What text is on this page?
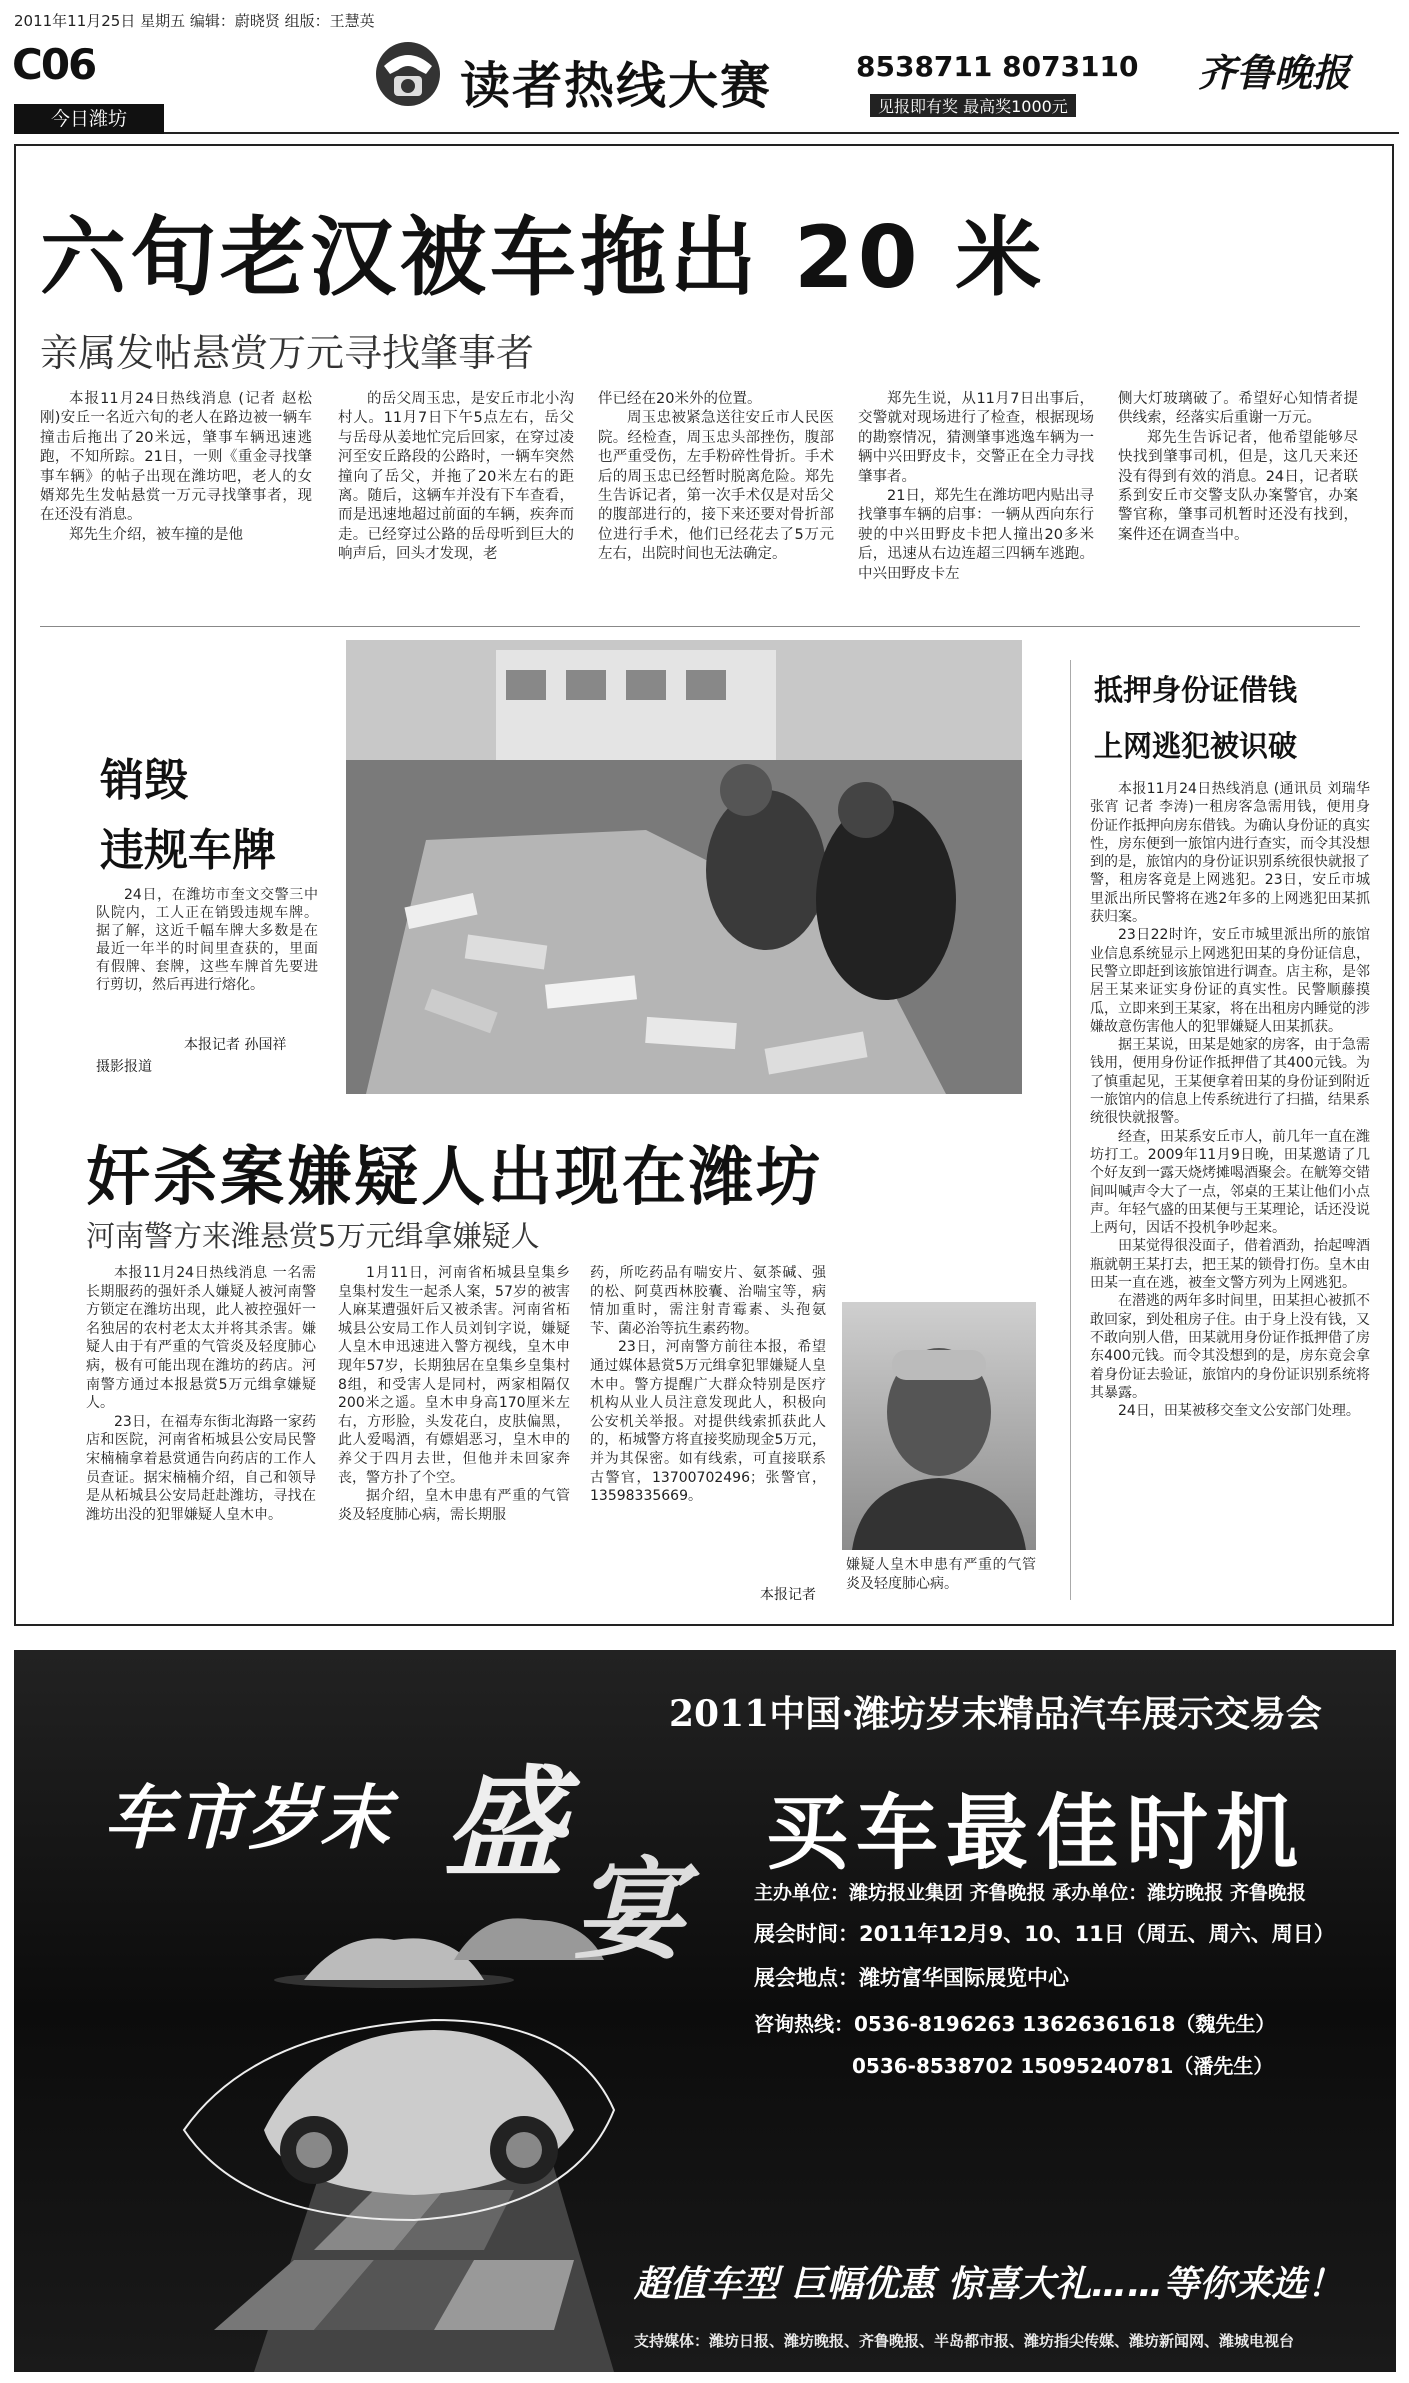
2011年11月25日 星期五 编辑：蔚晓贤 组版：王慧英
C06
今日潍坊
读者热线大赛	8538711 8073110
见报即有奖 最高奖1000元
齐鲁晚报
六旬老汉被车拖出 20 米
亲属发帖悬赏万元寻找肇事者

本报11月24日热线消息 (记者 赵松刚)安丘一名近六旬的老人在路边被一辆车撞击后拖出了20米远，肇事车辆迅速逃跑，不知所踪。21日，一则《重金寻找肇事车辆》的帖子出现在潍坊吧，老人的女婿郑先生发帖悬赏一万元寻找肇事者，现在还没有消息。

郑先生介绍，被车撞的是他

的岳父周玉忠，是安丘市北小沟村人。11月7日下午5点左右，岳父与岳母从姜地忙完后回家，在穿过凌河至安丘路段的公路时，一辆车突然撞向了岳父，并拖了20米左右的距离。随后，这辆车并没有下车查看，而是迅速地超过前面的车辆，疾奔而走。已经穿过公路的岳母听到巨大的响声后，回头才发现，老

伴已经在20米外的位置。

周玉忠被紧急送往安丘市人民医院。经检查，周玉忠头部挫伤，腹部也严重受伤，左手粉碎性骨折。手术后的周玉忠已经暂时脱离危险。郑先生告诉记者，第一次手术仅是对岳父的腹部进行的，接下来还要对骨折部位进行手术，他们已经花去了5万元左右，出院时间也无法确定。

郑先生说，从11月7日出事后，交警就对现场进行了检查，根据现场的勘察情况，猜测肇事逃逸车辆为一辆中兴田野皮卡，交警正在全力寻找肇事者。

21日，郑先生在潍坊吧内贴出寻找肇事车辆的启事：一辆从西向东行驶的中兴田野皮卡把人撞出20多米后，迅速从右边连超三四辆车逃跑。中兴田野皮卡左

侧大灯玻璃破了。希望好心知情者提供线索，经落实后重谢一万元。

郑先生告诉记者，他希望能够尽快找到肇事司机，但是，这几天来还没有得到有效的消息。24日，记者联系到安丘市交警支队办案警官，办案警官称，肇事司机暂时还没有找到，案件还在调查当中。

销毁
违规车牌

24日，在潍坊市奎文交警三中队院内，工人正在销毁违规车牌。据了解，这近千幅车牌大多数是在最近一年半的时间里查获的，里面有假牌、套牌，这些车牌首先要进行剪切，然后再进行熔化。

本报记者 孙国祥
摄影报道
抵押身份证借钱
上网逃犯被识破

本报11月24日热线消息 (通讯员 刘瑞华 张宵 记者 李涛)一租房客急需用钱，便用身份证作抵押向房东借钱。为确认身份证的真实性，房东便到一旅馆内进行查实，而令其没想到的是，旅馆内的身份证识别系统很快就报了警，租房客竟是上网逃犯。23日，安丘市城里派出所民警将在逃2年多的上网逃犯田某抓获归案。

23日22时许，安丘市城里派出所的旅馆业信息系统显示上网逃犯田某的身份证信息，民警立即赶到该旅馆进行调查。店主称，是邻居王某来证实身份证的真实性。民警顺藤摸瓜，立即来到王某家，将在出租房内睡觉的涉嫌故意伤害他人的犯罪嫌疑人田某抓获。

据王某说，田某是她家的房客，由于急需钱用，便用身份证作抵押借了其400元钱。为了慎重起见，王某便拿着田某的身份证到附近一旅馆内的信息上传系统进行了扫描，结果系统很快就报警。

经查，田某系安丘市人，前几年一直在潍坊打工。2009年11月9日晚，田某邀请了几个好友到一露天烧烤摊喝酒聚会。在觥筹交错间叫喊声令大了一点，邻桌的王某让他们小点声。年轻气盛的田某便与王某理论，话还没说上两句，因话不投机争吵起来。

田某觉得很没面子，借着酒劲，抬起啤酒瓶就朝王某打去，把王某的锁骨打伤。皇木由田某一直在逃，被奎文警方列为上网逃犯。

在潜逃的两年多时间里，田某担心被抓不敢回家，到处租房子住。由于身上没有钱，又不敢向别人借，田某就用身份证作抵押借了房东400元钱。而令其没想到的是，房东竟会拿着身份证去验证，旅馆内的身份证识别系统将其暴露。

24日，田某被移交奎文公安部门处理。

奸杀案嫌疑人出现在潍坊
河南警方来潍悬赏5万元缉拿嫌疑人

本报11月24日热线消息 一名需长期服药的强奸杀人嫌疑人被河南警方锁定在潍坊出现，此人被控强奸一名独居的农村老太太并将其杀害。嫌疑人由于有严重的气管炎及轻度肺心病，极有可能出现在潍坊的药店。河南警方通过本报悬赏5万元缉拿嫌疑人。

23日，在福寿东街北海路一家药店和医院，河南省柘城县公安局民警宋楠楠拿着悬赏通告向药店的工作人员查证。据宋楠楠介绍，自己和领导是从柘城县公安局赶赴潍坊，寻找在潍坊出没的犯罪嫌疑人皇木申。

1月11日，河南省柘城县皇集乡皇集村发生一起杀人案，57岁的被害人麻某遭强奸后又被杀害。河南省柘城县公安局工作人员刘钊字说，嫌疑人皇木申迅速进入警方视线，皇木申现年57岁，长期独居在皇集乡皇集村8组，和受害人是同村，两家相隔仅200米之遥。皇木申身高170厘米左右，方形脸，头发花白，皮肤偏黑，此人爱喝酒，有嫖娼恶习，皇木申的养父于四月去世，但他并未回家奔丧，警方扑了个空。

据介绍，皇木申患有严重的气管炎及轻度肺心病，需长期服

药，所吃药品有喘安片、氨茶碱、强的松、阿莫西林胶囊、治喘宝等，病情加重时，需注射青霉素、头孢氨苄、菌必治等抗生素药物。

23日，河南警方前往本报，希望通过媒体悬赏5万元缉拿犯罪嫌疑人皇木申。警方提醒广大群众特别是医疗机构从业人员注意发现此人，积极向公安机关举报。对提供线索抓获此人的，柘城警方将直接奖励现金5万元，并为其保密。如有线索，可直接联系古警官，13700702496；张警官，13598335669。

本报记者

嫌疑人皇木申患有严重的气管炎及轻度肺心病。

2011中国·潍坊岁末精品汽车展示交易会
车市岁末 盛
宴
买车最佳时机
主办单位：潍坊报业集团 齐鲁晚报 承办单位：潍坊晚报 齐鲁晚报
展会时间：2011年12月9、10、11日（周五、周六、周日）
展会地点：潍坊富华国际展览中心
咨询热线：0536-8196263 13626361618（魏先生）
0536-8538702 15095240781（潘先生）
超值车型 巨幅优惠 惊喜大礼……等你来选！
支持媒体：潍坊日报、潍坊晚报、齐鲁晚报、半岛都市报、潍坊指尖传媒、潍坊新闻网、潍城电视台
